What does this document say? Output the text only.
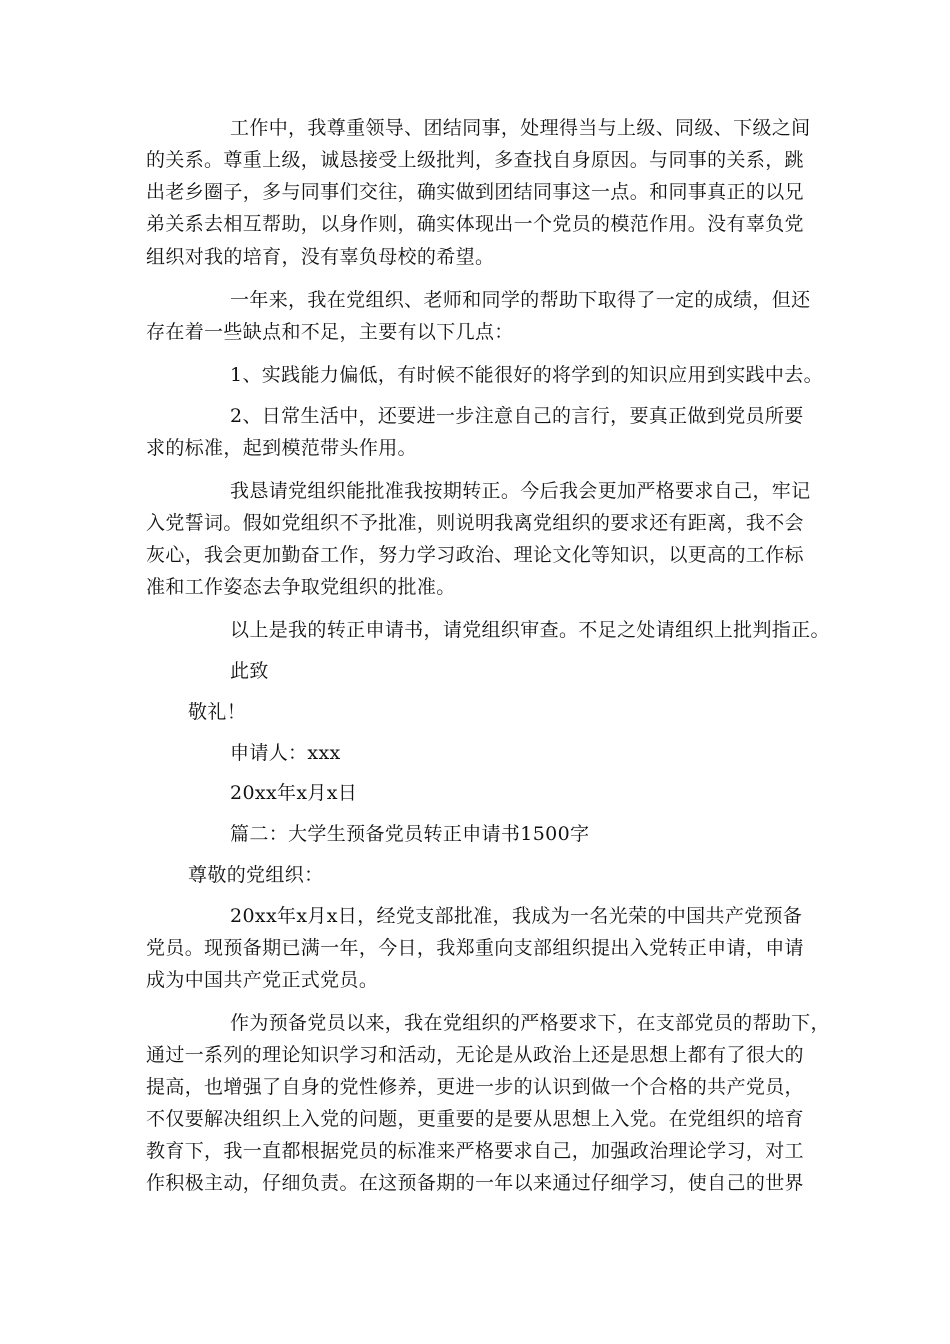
工作中，我尊重领导、团结同事，处理得当与上级、同级、下级之间
的关系。尊重上级，诚恳接受上级批判，多查找自身原因。与同事的关系，跳
出老乡圈子，多与同事们交往，确实做到团结同事这一点。和同事真正的以兄
弟关系去相互帮助，以身作则，确实体现出一个党员的模范作用。没有辜负党
组织对我的培育，没有辜负母校的希望。
一年来，我在党组织、老师和同学的帮助下取得了一定的成绩，但还
存在着一些缺点和不足，主要有以下几点：
1、实践能力偏低，有时候不能很好的将学到的知识应用到实践中去。
2、日常生活中，还要进一步注意自己的言行，要真正做到党员所要
求的标准，起到模范带头作用。
我恳请党组织能批准我按期转正。今后我会更加严格要求自己，牢记
入党誓词。假如党组织不予批准，则说明我离党组织的要求还有距离，我不会
灰心，我会更加勤奋工作，努力学习政治、理论文化等知识，以更高的工作标
准和工作姿态去争取党组织的批准。
以上是我的转正申请书，请党组织审查。不足之处请组织上批判指正。
此致
敬礼！
申请人：xxx
20xx年x月x日
篇二：大学生预备党员转正申请书1500字
尊敬的党组织：
20xx年x月x日，经党支部批准，我成为一名光荣的中国共产党预备
党员。现预备期已满一年，今日，我郑重向支部组织提出入党转正申请，申请
成为中国共产党正式党员。
作为预备党员以来，我在党组织的严格要求下，在支部党员的帮助下，
通过一系列的理论知识学习和活动，无论是从政治上还是思想上都有了很大的
提高，也增强了自身的党性修养，更进一步的认识到做一个合格的共产党员，
不仅要解决组织上入党的问题，更重要的是要从思想上入党。在党组织的培育
教育下，我一直都根据党员的标准来严格要求自己，加强政治理论学习，对工
作积极主动，仔细负责。在这预备期的一年以来通过仔细学习，使自己的世界
